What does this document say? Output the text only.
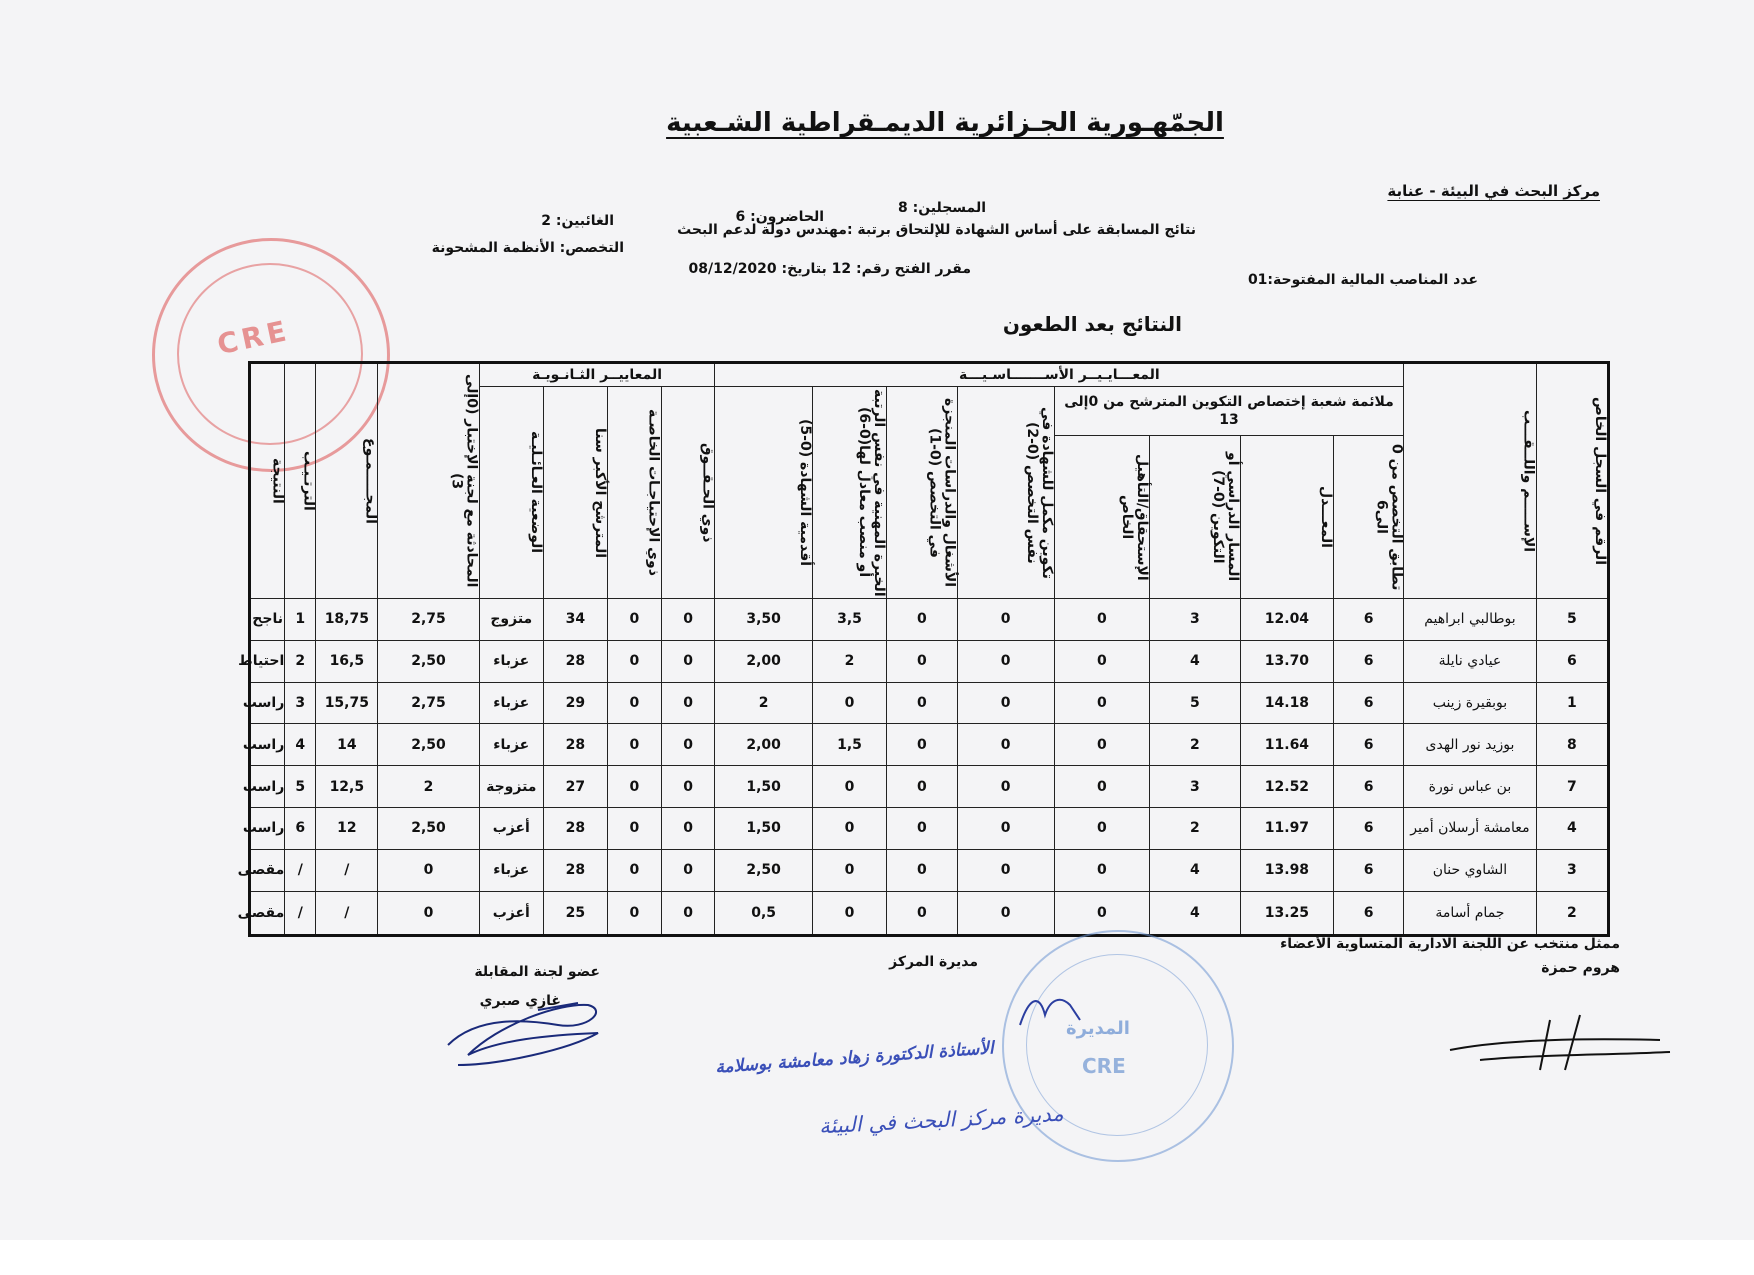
الجمّهـورية الجـزائرية الديمـقراطية الشـعبية
مركز البحث في البيئة - عنابة
المسجلين: 8
الحاضرون: 6
الغائبين: 2
نتائج المسابقة على أساس الشهادة للإلتحاق برتبة :مهندس دولة لدعم البحث
التخصص: الأنظمة المشحونة
مقرر الفتح رقم: 12 بتاريخ: 08/12/2020
عدد المناصب المالية المفتوحة:01
النتائج بعد الطعون
CRE
الرقم في السجل الخاص	الإســـــم واللــقـــب	المعـــايـيــر الأســـــــاسـيـــة								المعاييــر الثـانـويـة				المحادثة مع لجنة الإختبار (0إلى 3)	المجـــــمـوع	الترتـيـب	النتيجة
		ملائمة شعبة إختصاص التكوين المترشح من 0إلى 13				تكوين مكمل للشهادة في نفس التخصص (0-2)	الأشغال والدراسات المنجزة في التخصص (0-1)	الخبرة المهنية في نفس الرتبة أو منصب معادل لها(0-6)	أقدمية الشهادة (0-5)	ذوي الحـقــوق	ذوي الإحتياجـات الخاصـة	المترشح الأكبر سنا	الوضعية العـائـليـة				
		تطابق التخصص من 0 الى6	المعـــدل	المسار الدراسي أو التكوين (0-7)	الإستحقاق/التأهيل الخاص												
5	بوطالبي ابراهيم	6	12.04	3	0	0	0	3,5	3,50	0	0	34	متزوج	2,75	18,75	1	ناجح
6	عيادي نايلة	6	13.70	4	0	0	0	2	2,00	0	0	28	عزباء	2,50	16,5	2	احتياط
1	بوبقيرة زينب	6	14.18	5	0	0	0	0	2	0	0	29	عزباء	2,75	15,75	3	راسب
8	بوزيد نور الهدى	6	11.64	2	0	0	0	1,5	2,00	0	0	28	عزباء	2,50	14	4	راسب
7	بن عباس نورة	6	12.52	3	0	0	0	0	1,50	0	0	27	متزوجة	2	12,5	5	راسب
4	معامشة أرسلان أمير	6	11.97	2	0	0	0	0	1,50	0	0	28	أعزب	2,50	12	6	راسب
3	الشاوي حنان	6	13.98	4	0	0	0	0	2,50	0	0	28	عزباء	0	/	/	مقصى
2	جمام أسامة	6	13.25	4	0	0	0	0	0,5	0	0	25	أعزب	0	/	/	مقصى
ممثل منتخب عن اللجنة الادارية المتساوية الأعضاء
هروم حمزة
مديرة المركز
عضو لجنة المقابلة
غازي صبري
المديرة
CRE
الأستاذة الدكتورة زهاد معامشة بوسلامة
مديرة مركز البحث في البيئة
